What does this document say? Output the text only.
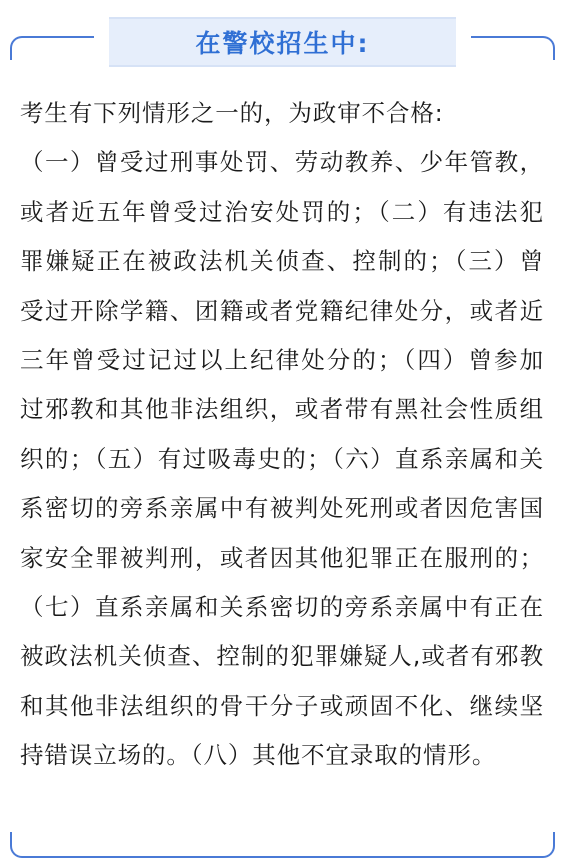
在警校招生中:
考生有下列情形之一的，为政审不合格:
（一）曾受过刑事处罚、劳动教养、少年管教，或者近五年曾受过治安处罚的；（二）有违法犯罪嫌疑正在被政法机关侦查、控制的；（三）曾受过开除学籍、团籍或者党籍纪律处分，或者近三年曾受过记过以上纪律处分的；（四）曾参加过邪教和其他非法组织，或者带有黑社会性质组织的；（五）有过吸毒史的；（六）直系亲属和关系密切的旁系亲属中有被判处死刑或者因危害国家安全罪被判刑，或者因其他犯罪正在服刑的；（七）直系亲属和关系密切的旁系亲属中有正在被政法机关侦查、控制的犯罪嫌疑人,或者有邪教和其他非法组织的骨干分子或顽固不化、继续坚持错误立场的。（八）其他不宜录取的情形。
